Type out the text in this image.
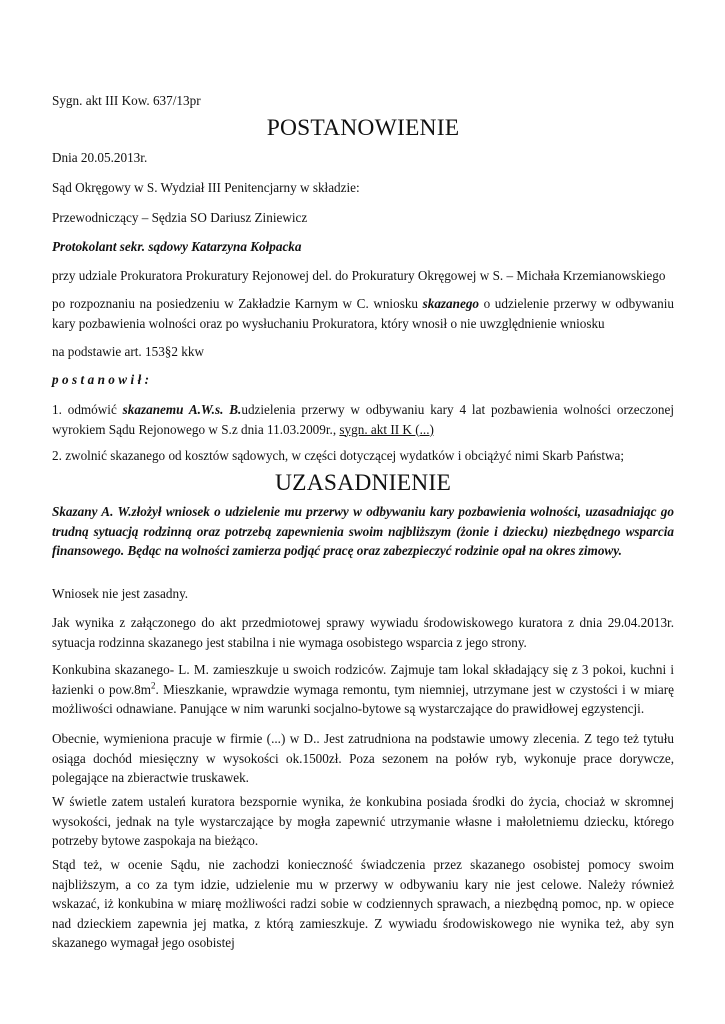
Sygn. akt III Kow. 637/13pr

POSTANOWIENIE

Dnia 20.05.2013r.

Sąd Okręgowy w S. Wydział III Penitencjarny w składzie:

Przewodniczący – Sędzia SO Dariusz Ziniewicz

Protokolant sekr. sądowy Katarzyna Kołpacka

przy udziale Prokuratora Prokuratury Rejonowej del. do Prokuratury Okręgowej w S. – Michała Krzemianowskiego

po rozpoznaniu na posiedzeniu w Zakładzie Karnym w C. wniosku skazanego o udzielenie przerwy w odbywaniu kary pozbawienia wolności oraz po wysłuchaniu Prokuratora, który wnosił o nie uwzględnienie wniosku

na podstawie art. 153§2 kkw

postanowił:

1. odmówić skazanemu A.W.s. B.udzielenia przerwy w odbywaniu kary 4 lat pozbawienia wolności orzeczonej wyrokiem Sądu Rejonowego w S.z dnia 11.03.2009r., sygn. akt II K (...)

2. zwolnić skazanego od kosztów sądowych, w części dotyczącej wydatków i obciążyć nimi Skarb Państwa;

UZASADNIENIE

Skazany A. W.złożył wniosek o udzielenie mu przerwy w odbywaniu kary pozbawienia wolności, uzasadniając go trudną sytuacją rodzinną oraz potrzebą zapewnienia swoim najbliższym (żonie i dziecku) niezbędnego wsparcia finansowego. Będąc na wolności zamierza podjąć pracę oraz zabezpieczyć rodzinie opał na okres zimowy.

Wniosek nie jest zasadny.

Jak wynika z załączonego do akt przedmiotowej sprawy wywiadu środowiskowego kuratora z dnia 29.04.2013r. sytuacja rodzinna skazanego jest stabilna i nie wymaga osobistego wsparcia z jego strony.

Konkubina skazanego- L. M. zamieszkuje u swoich rodziców. Zajmuje tam lokal składający się z 3 pokoi, kuchni i łazienki o $pow.8m^2$. Mieszkanie, wprawdzie wymaga remontu, tym niemniej, utrzymane jest w czystości i w miarę możliwości odnawiane. Panujące w nim warunki socjalno-bytowe są wystarczające do prawidłowej egzystencji.

Obecnie, wymieniona pracuje w firmie (...) w D.. Jest zatrudniona na podstawie umowy zlecenia. Z tego też tytułu osiąga dochód miesięczny w wysokości ok.1500zł. Poza sezonem na połów ryb, wykonuje prace dorywcze, polegające na zbieractwie truskawek.

W świetle zatem ustaleń kuratora bezspornie wynika, że konkubina posiada środki do życia, chociaż w skromnej wysokości, jednak na tyle wystarczające by mogła zapewnić utrzymanie własne i małoletniemu dziecku, którego potrzeby bytowe zaspokaja na bieżąco.

Stąd też, w ocenie Sądu, nie zachodzi konieczność świadczenia przez skazanego osobistej pomocy swoim najbliższym, a co za tym idzie, udzielenie mu w przerwy w odbywaniu kary nie jest celowe. Należy również wskazać, iż konkubina w miarę możliwości radzi sobie w codziennych sprawach, a niezbędną pomoc, np. w opiece nad dzieckiem zapewnia jej matka, z którą zamieszkuje. Z wywiadu środowiskowego nie wynika też, aby syn skazanego wymagał jego osobistej
